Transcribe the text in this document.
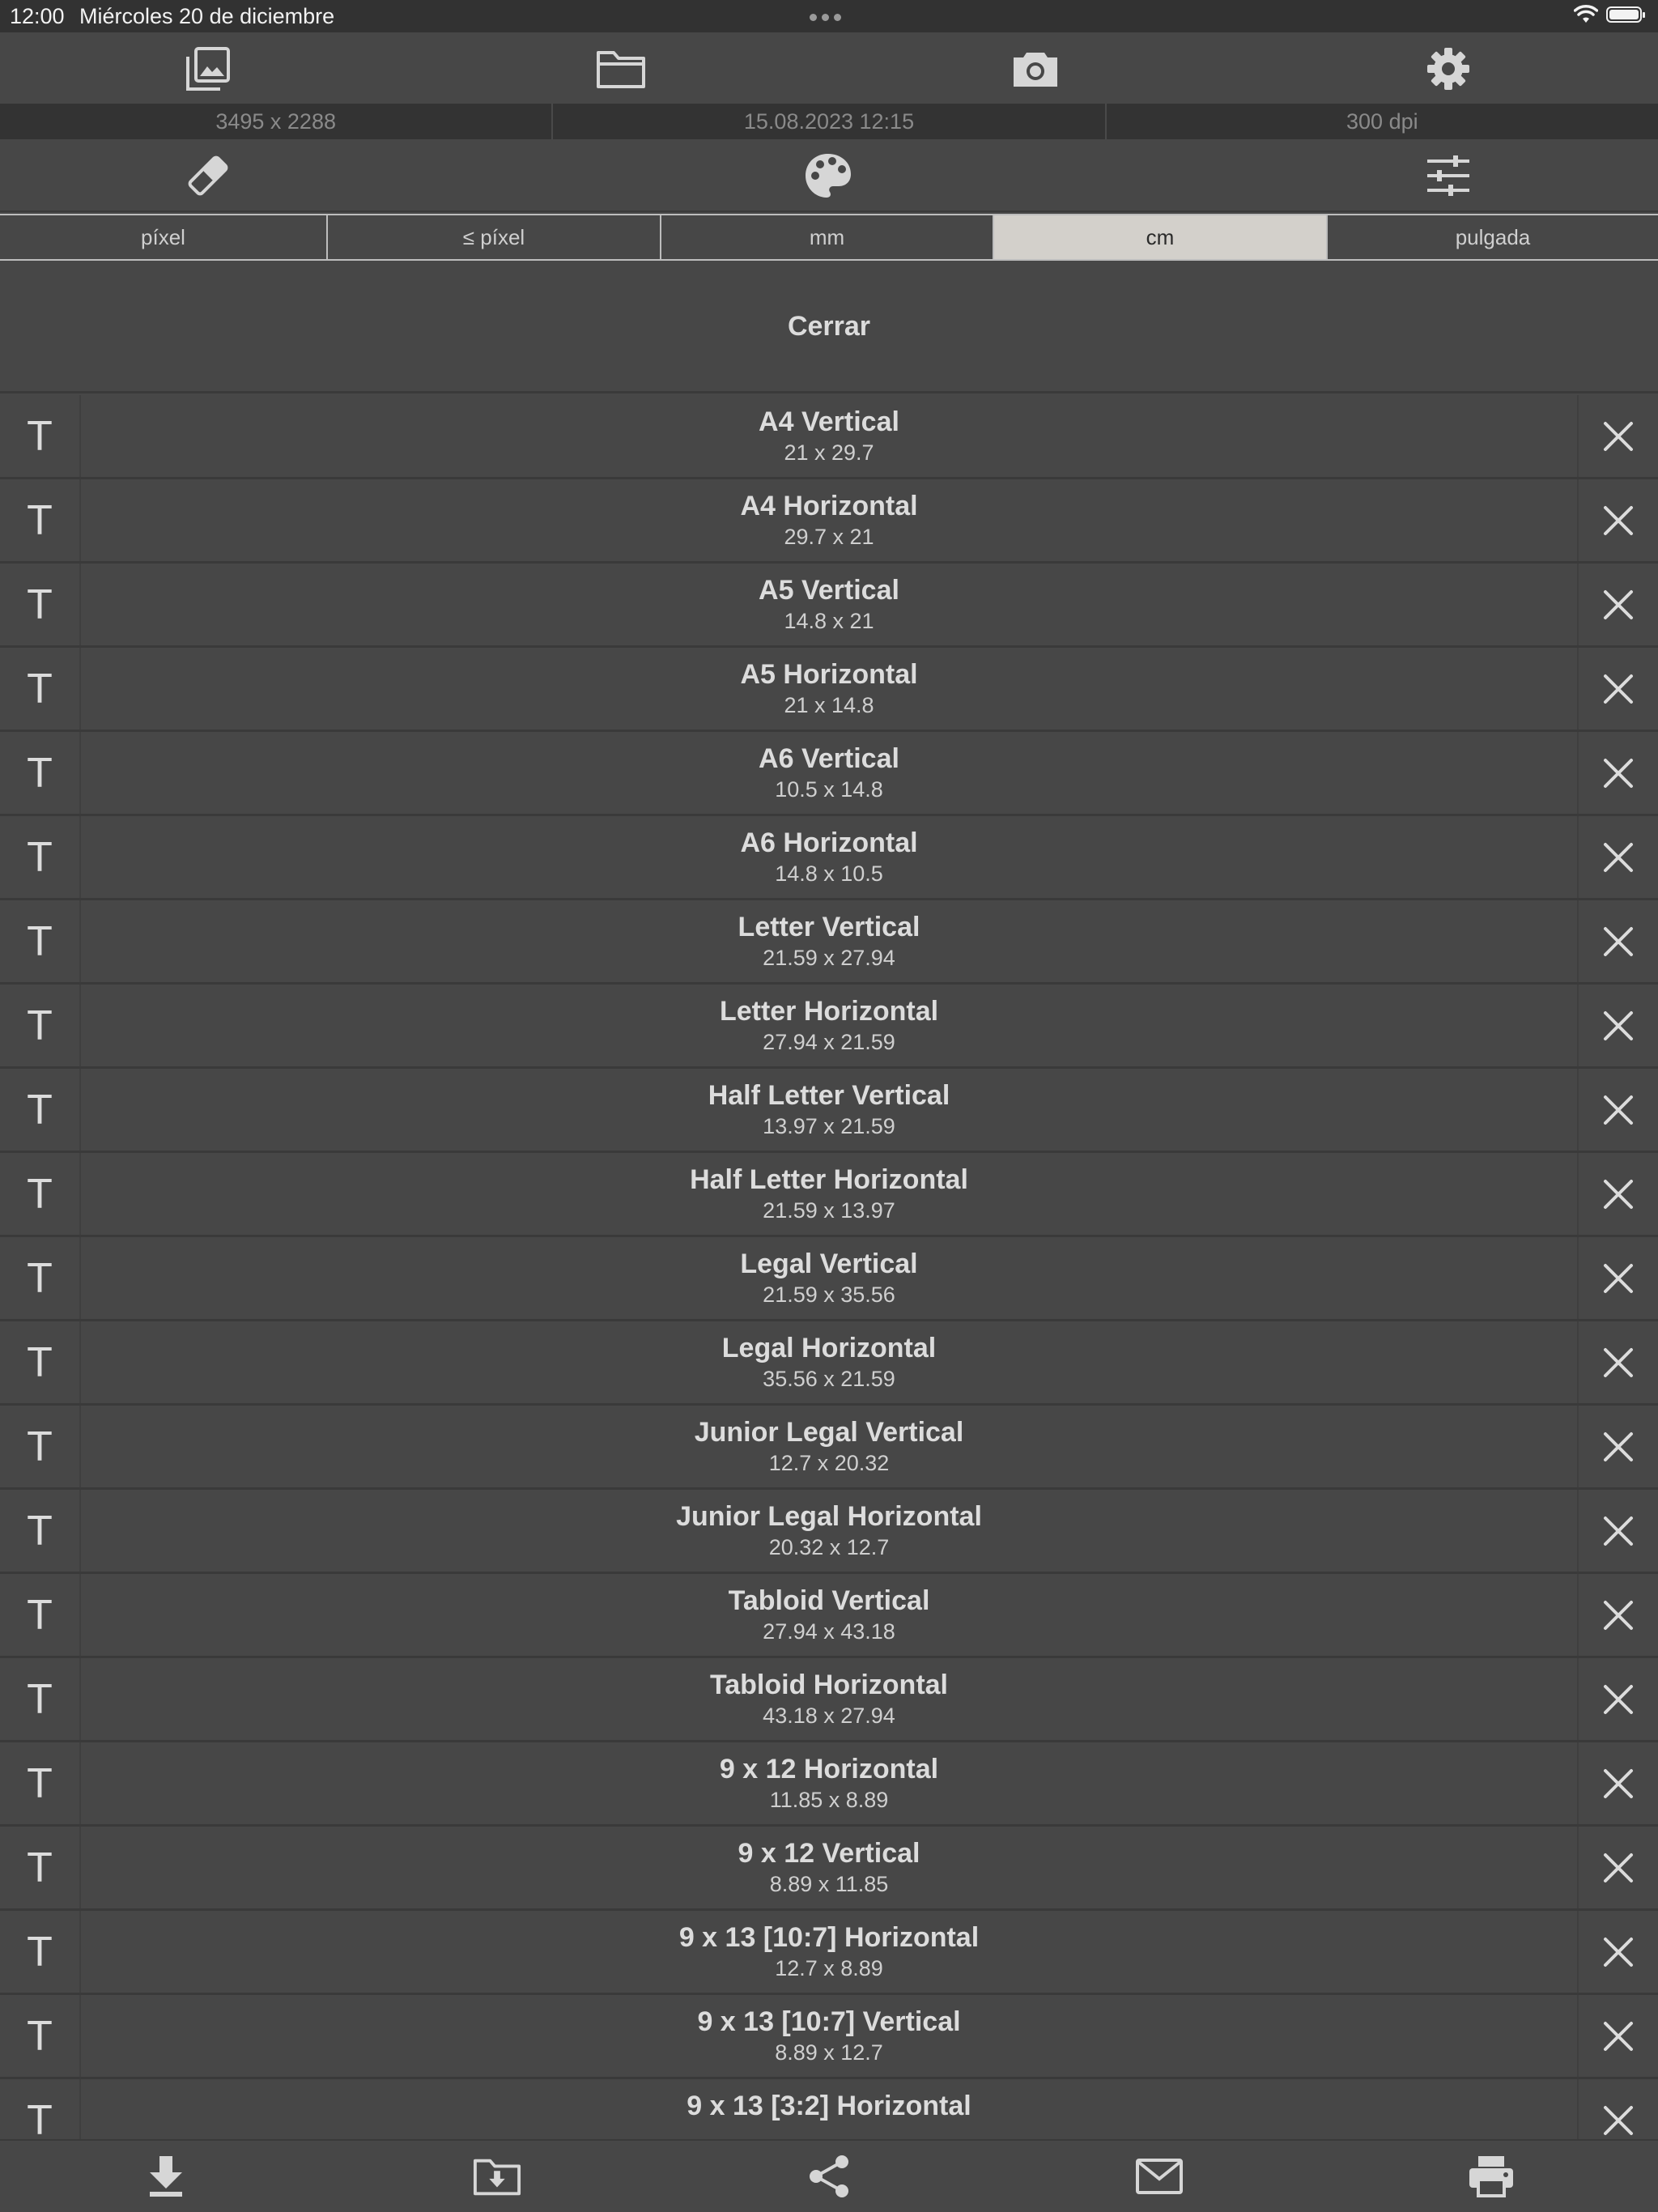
12:00 Miércoles 20 de diciembre
3495 x 2288	15.08.2023 12:15	300 dpi
píxel	≤ píxel	mm	cm	pulgada
Cerrar
T	A4 Vertical
21 x 29.7
T	A4 Horizontal
29.7 x 21
T	A5 Vertical
14.8 x 21
T	A5 Horizontal
21 x 14.8
T	A6 Vertical
10.5 x 14.8
T	A6 Horizontal
14.8 x 10.5
T	Letter Vertical
21.59 x 27.94
T	Letter Horizontal
27.94 x 21.59
T	Half Letter Vertical
13.97 x 21.59
T	Half Letter Horizontal
21.59 x 13.97
T	Legal Vertical
21.59 x 35.56
T	Legal Horizontal
35.56 x 21.59
T	Junior Legal Vertical
12.7 x 20.32
T	Junior Legal Horizontal
20.32 x 12.7
T	Tabloid Vertical
27.94 x 43.18
T	Tabloid Horizontal
43.18 x 27.94
T	9 x 12 Horizontal
11.85 x 8.89
T	9 x 12 Vertical
8.89 x 11.85
T	9 x 13 [10:7] Horizontal
12.7 x 8.89
T	9 x 13 [10:7] Vertical
8.89 x 12.7
T	9 x 13 [3:2] Horizontal
